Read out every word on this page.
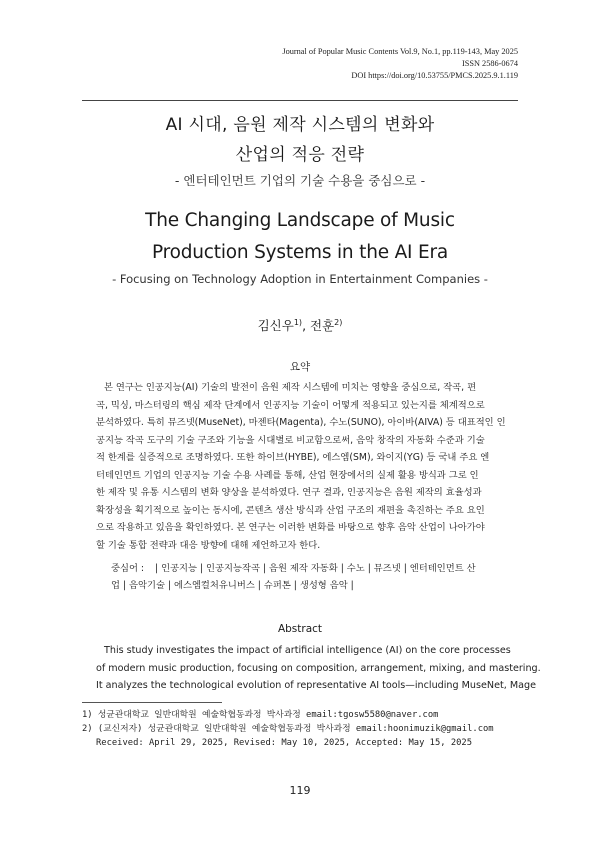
Journal of Popular Music Contents Vol.9, No.1, pp.119-143, May 2025
ISSN 2586-0674
DOI https://doi.org/10.53755/PMCS.2025.9.1.119
AI 시대, 음원 제작 시스템의 변화와
산업의 적응 전략
- 엔터테인먼트 기업의 기술 수용을 중심으로 -
The Changing Landscape of Music
Production Systems in the AI Era
- Focusing on Technology Adoption in Entertainment Companies -
김신우$^{1)}$, 전훈$^{2)}$
요약
본 연구는 인공지능(AI) 기술의 발전이 음원 제작 시스템에 미치는 영향을 중심으로, 작곡, 편
곡, 믹싱, 마스터링의 핵심 제작 단계에서 인공지능 기술이 어떻게 적용되고 있는지를 체계적으로
분석하였다. 특히 뮤즈넷(MuseNet), 마젠타(Magenta), 수노(SUNO), 아이바(AIVA) 등 대표적인 인
공지능 작곡 도구의 기술 구조와 기능을 시대별로 비교함으로써, 음악 창작의 자동화 수준과 기술
적 한계를 실증적으로 조명하였다. 또한 하이브(HYBE), 에스엠(SM), 와이지(YG) 등 국내 주요 엔
터테인먼트 기업의 인공지능 기술 수용 사례를 통해, 산업 현장에서의 실제 활용 방식과 그로 인
한 제작 및 유통 시스템의 변화 양상을 분석하였다. 연구 결과, 인공지능은 음원 제작의 효율성과
확장성을 획기적으로 높이는 동시에, 콘텐츠 생산 방식과 산업 구조의 재편을 촉진하는 주요 요인
으로 작용하고 있음을 확인하였다. 본 연구는 이러한 변화를 바탕으로 향후 음악 산업이 나아가야
할 기술 통합 전략과 대응 방향에 대해 제언하고자 한다.
중심어 : | 인공지능 | 인공지능작곡 | 음원 제작 자동화 | 수노 | 뮤즈넷 | 엔터테인먼트 산
업 | 음악기술 | 에스엠컬처유니버스 | 슈퍼톤 | 생성형 음악 |
Abstract
This study investigates the impact of artificial intelligence (AI) on the core processes
of modern music production, focusing on composition, arrangement, mixing, and mastering.
It analyzes the technological evolution of representative AI tools—including MuseNet, Mage
1) 성균관대학교 일반대학원 예술학협동과정 박사과정 email:tgosw5580@naver.com
2) (교신저자) 성균관대학교 일반대학원 예술학협동과정 박사과정 email:hoonimuzik@gmail.com
Received: April 29, 2025, Revised: May 10, 2025, Accepted: May 15, 2025
119
